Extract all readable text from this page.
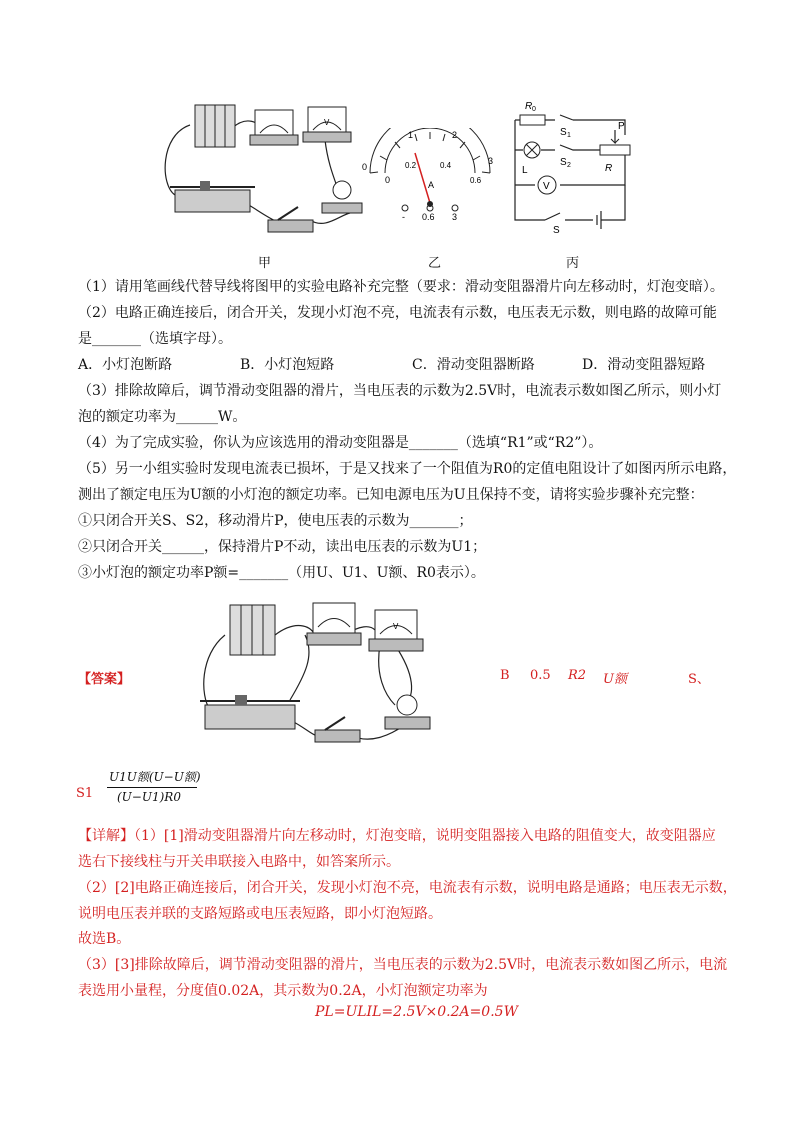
V
1	2
3
0
0
0.2	0.4
0.6
A
- 0.6 3
V
R 0
S 1
P
L
S 2	R
S
甲	乙	丙
（1）请用笔画线代替导线将图甲的实验电路补充完整（要求：滑动变阻器滑片向左移动时，灯泡变暗）。
（2）电路正确连接后，闭合开关，发现小灯泡不亮，电流表有示数，电压表无示数，则电路的故障可能
是_______（选填字母）。
A．小灯泡断路	B．小灯泡短路	C．滑动变阻器断路	D．滑动变阻器短路
（3）排除故障后，调节滑动变阻器的滑片，当电压表的示数为2.5V时，电流表示数如图乙所示，则小灯
泡的额定功率为______W。
（4）为了完成实验，你认为应该选用的滑动变阻器是_______（选填“R1”或“R2”）。
（5）另一小组实验时发现电流表已损坏，于是又找来了一个阻值为R0的定值电阻设计了如图丙所示电路，
测出了额定电压为U额的小灯泡的额定功率。已知电源电压为U且保持不变，请将实验步骤补充完整：
①只闭合开关S、S2，移动滑片P，使电压表的示数为_______；
②只闭合开关______，保持滑片P不动，读出电压表的示数为U1；
③小灯泡的额定功率P额=_______（用U、U1、U额、R0表示）。
V
【答案】	B 0.5 R2 U额	S、
S1
U1U额(U−U额)
(U−U1)R0
【详解】（1）[1]滑动变阻器滑片向左移动时，灯泡变暗，说明变阻器接入电路的阻值变大，故变阻器应
选右下接线柱与开关串联接入电路中，如答案所示。
（2）[2]电路正确连接后，闭合开关，发现小灯泡不亮，电流表有示数，说明电路是通路；电压表无示数，
说明电压表并联的支路短路或电压表短路，即小灯泡短路。
故选B。
（3）[3]排除故障后，调节滑动变阻器的滑片，当电压表的示数为2.5V时，电流表示数如图乙所示，电流
表选用小量程，分度值0.02A，其示数为0.2A，小灯泡额定功率为
PL=ULIL=2.5V×0.2A=0.5W
